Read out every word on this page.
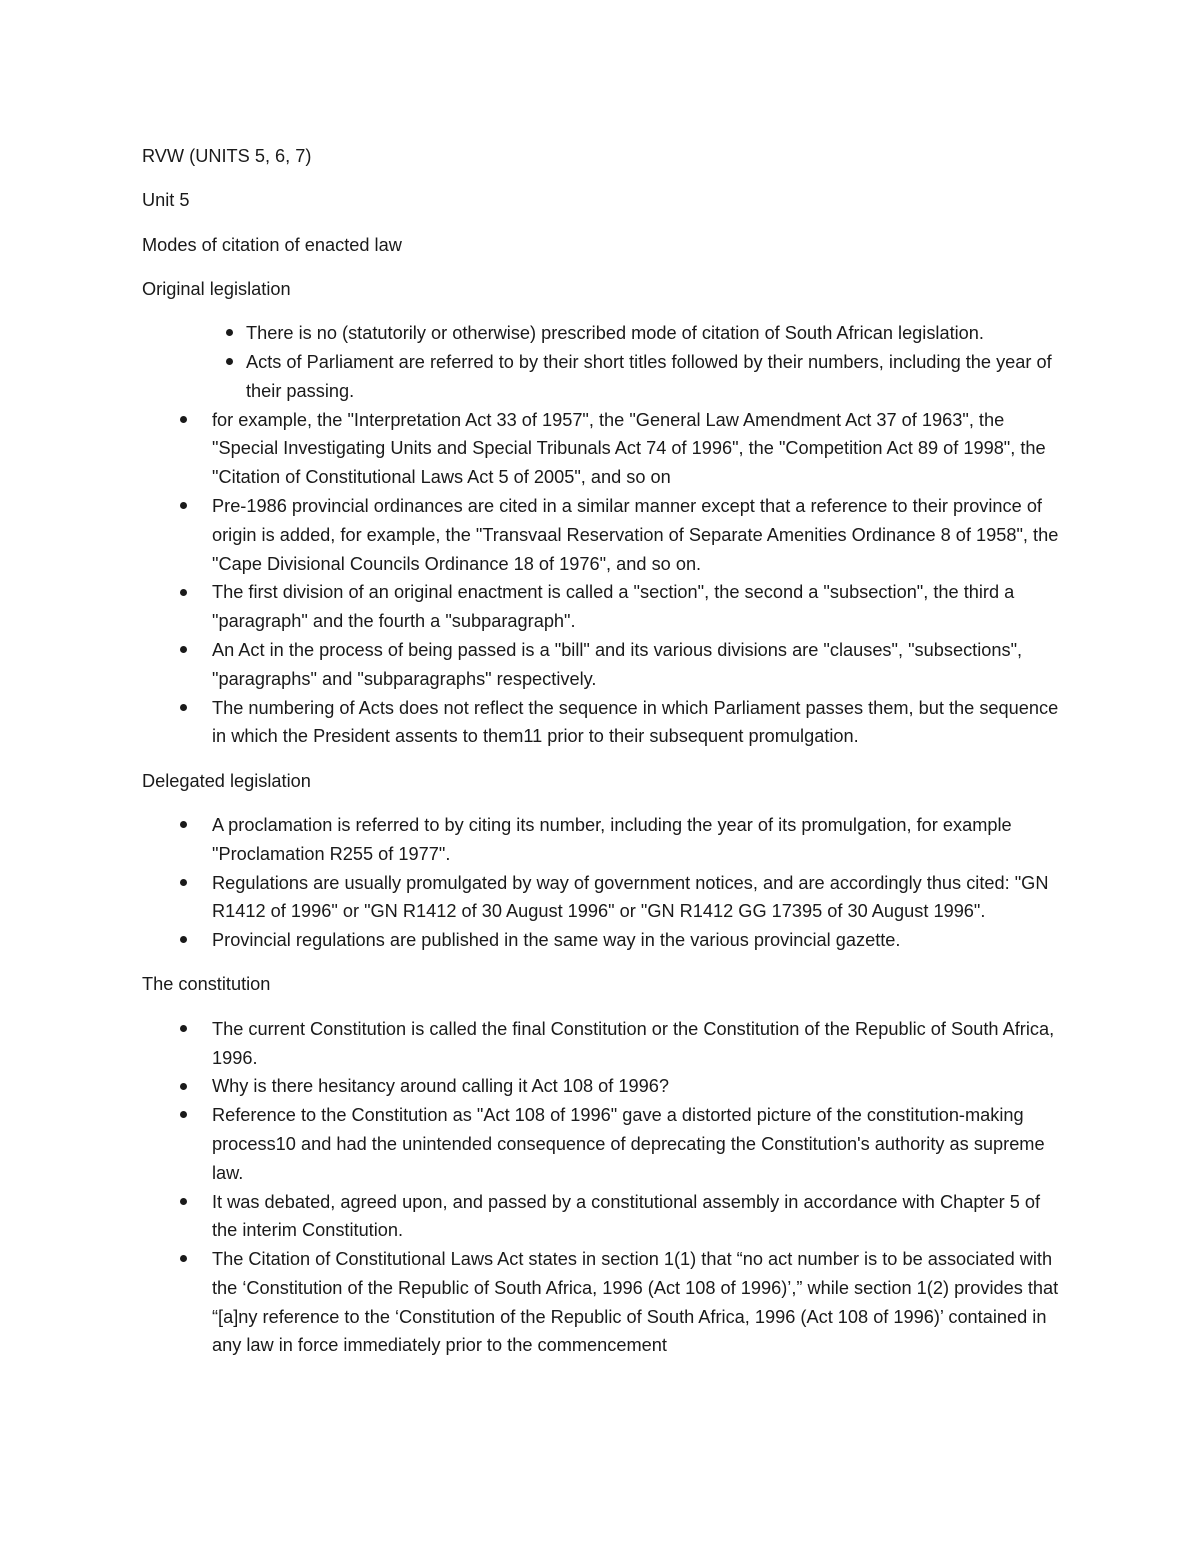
RVW (UNITS 5, 6, 7)

Unit 5

Modes of citation of enacted law

Original legislation

There is no (statutorily or otherwise) prescribed mode of citation of South African legislation.
Acts of Parliament are referred to by their short titles followed by their numbers, including the year of their passing.
for example, the "Interpretation Act 33 of 1957", the "General Law Amendment Act 37 of 1963", the "Special Investigating Units and Special Tribunals Act 74 of 1996", the "Competition Act 89 of 1998", the "Citation of Constitutional Laws Act 5 of 2005", and so on
Pre-1986 provincial ordinances are cited in a similar manner except that a reference to their province of origin is added, for example, the "Transvaal Reservation of Separate Amenities Ordinance 8 of 1958", the "Cape Divisional Councils Ordinance 18 of 1976", and so on.
The first division of an original enactment is called a "section", the second a "subsection", the third a "paragraph" and the fourth a "subparagraph".
An Act in the process of being passed is a "bill" and its various divisions are "clauses", "subsections", "paragraphs" and "subparagraphs" respectively.
The numbering of Acts does not reflect the sequence in which Parliament passes them, but the sequence in which the President assents to them11 prior to their subsequent promulgation.

Delegated legislation

A proclamation is referred to by citing its number, including the year of its promulgation, for example "Proclamation R255 of 1977".
Regulations are usually promulgated by way of government notices, and are accordingly thus cited: "GN R1412 of 1996" or "GN R1412 of 30 August 1996" or "GN R1412 GG 17395 of 30 August 1996".
Provincial regulations are published in the same way in the various provincial gazette.

The constitution

The current Constitution is called the final Constitution or the Constitution of the Republic of South Africa, 1996.
Why is there hesitancy around calling it Act 108 of 1996?
Reference to the Constitution as "Act 108 of 1996" gave a distorted picture of the constitution-making process10 and had the unintended consequence of deprecating the Constitution's authority as supreme law.
It was debated, agreed upon, and passed by a constitutional assembly in accordance with Chapter 5 of the interim Constitution.
The Citation of Constitutional Laws Act states in section 1(1) that “no act number is to be associated with the ‘Constitution of the Republic of South Africa, 1996 (Act 108 of 1996)’,” while section 1(2) provides that “[a]ny reference to the ‘Constitution of the Republic of South Africa, 1996 (Act 108 of 1996)’ contained in any law in force immediately prior to the commencement
